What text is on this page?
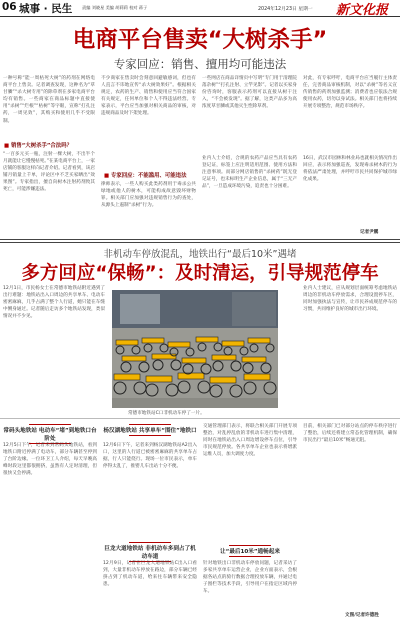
06 城事 · 民生 责编 刘晓星 美编 胡莉莉 校对 蒋子	2024年12月23日 星期一 新文化报
电商平台售卖“大树杀手”
专家回应：销售、擅用均可能违法
一种号称“能一周枯死大树”的药剂在网络电商平台上售卖。记者调查发现，这种名为“草甘膦”“杀大树专用”的除草剂在多家电商平台均有销售。一些商家在商品标题中直接使用“杀树”“烂根”“枯树”等字眼，宣称“打孔注药，一周见效”，其购买和使用几乎不受限制。
■ 销售“大树杀手”合法吗？
“一百多元买一瓶，注射一棵大树，不出半个月就能让它慢慢枯死。”在某电商平台上，一家店铺的客服这样向记者介绍。记者看到，该店铺月销量上千单，评论区中不乏买家晒出“效果图”。专家指出，擅自向树木注射药剂致其死亡，可能涉嫌违法。
不少商家在售卖时会刻意回避敏感词，但也有人直言不讳地宣传“杀大树效果好”。根据相关规定，农药的生产、销售和使用应当符合国家有关规定，任何单位和个人不得违法经营。专家表示，平台应当加强对相关商品的审核，对违规商品及时下架处理。
■ 专家回应：不能滥用、可能违法
律师表示，一些人购买此类药剂用于毒杀公共绿地或他人的树木，可能构成故意毁坏财物罪。相关部门应加强对违规销售行为的查处，从源头上遏制“杀树”行为。
一些网店在商品详情页中写明“专门用于清理院落杂树”“打孔注射、立竿见影”。记者以买家身份咨询时，客服表示药剂可以直接从树干注入，“不会被发现”。据了解，这类产品多为高浓度草甘膦或其他灭生性除草剂。
业内人士介绍，合规的农药产品应当具有农药登记证，标签上应注明适用范围、使用方法和注意事项。而部分网店销售的“杀树药”既无登记证号，也未标明生产企业信息，属于“三无产品”，一旦造成环境污染，追责也十分困难。
对此，有专家呼吁，电商平台应当履行主体责任，完善商品审核机制，对以“杀树”等名义宣传销售的药剂加强监测；消费者也应依法合规使用农药，切勿以身试法。相关部门也将持续开展专项整治，规范市场秩序。
16日，武汉市园林和林业局也就相关情况作出回应，表示将加强巡查，发现毒杀树木的行为将依法严肃处理，并呼吁市民共同保护城市绿化成果。
记者尹鹏
非机动车停放混乱，地铁出行“最后10米”遇堵
多方回应“保畅”：及时清运，引导规范停车
常德市地铁站C口非机动车停了一片。
12月1日，市民杨女士在常德市地铁站附近遇到了出行难题：地铁站出入口周边的共享单车、电动车密密麻麻，几乎占满了整个人行道，她只能在车缝中侧身通过。记者随后走访多个地铁站发现，类似情况并不少见。
常码头地铁站 电动车“堵”到地铁口台阶处
12月5日下午，记者来到常码头地铁站，看到地铁口附近停满了电动车，部分车辆甚至停到了台阶边缘。一位环卫工人介绍，每天早晚高峰时段这里都很拥挤，虽然有人定时清理，但很快又会停满。
杨汉湖地铁站 共享单车“围住”地铁口
12月6日下午，记者来到杨汉湖地铁站A2出入口，这里的人行道已被密密麻麻的共享单车占据，行人只能绕行。现场一位市民表示，单车停得太乱了，推婴儿车出站十分不便。
巨龙大道地铁站 非机动车多到占了机动车道
12月9日，记者在巨龙大道地铁站C出入口看到，大量非机动车停放在路边，部分车辆已经挤占到了机动车道，给来往车辆带来安全隐患。
交通管理部门表示，将联合相关部门开展专项整治，对乱停乱放的非机动车进行集中清理，同时在地铁站出入口周边增设停车点位，引导市民规范停放。各共享单车企业也表示将增派运维人员，加大调度力度。
让“最后10米”通畅起来
针对地铁出口非机动车停放问题，记者采访了多家共享单车运营企业，企业方面表示，会根据各站点的骑行数据合理投放车辆，并通过电子围栏等技术手段，引导用户在指定区域内停车。
业内人士建议，应从规划层面统筹考虑地铁站周边的非机动车停放需求，合理设置停车区，同时加强执法与宣传，让市民养成规范停车的习惯，共同维护良好的城市出行环境。
目前，相关部门已对部分站点的停车秩序进行了整治，后续还将建立常态化管理机制，确保市民出行“最后10米”畅通无阻。
文图/记者许德胜
